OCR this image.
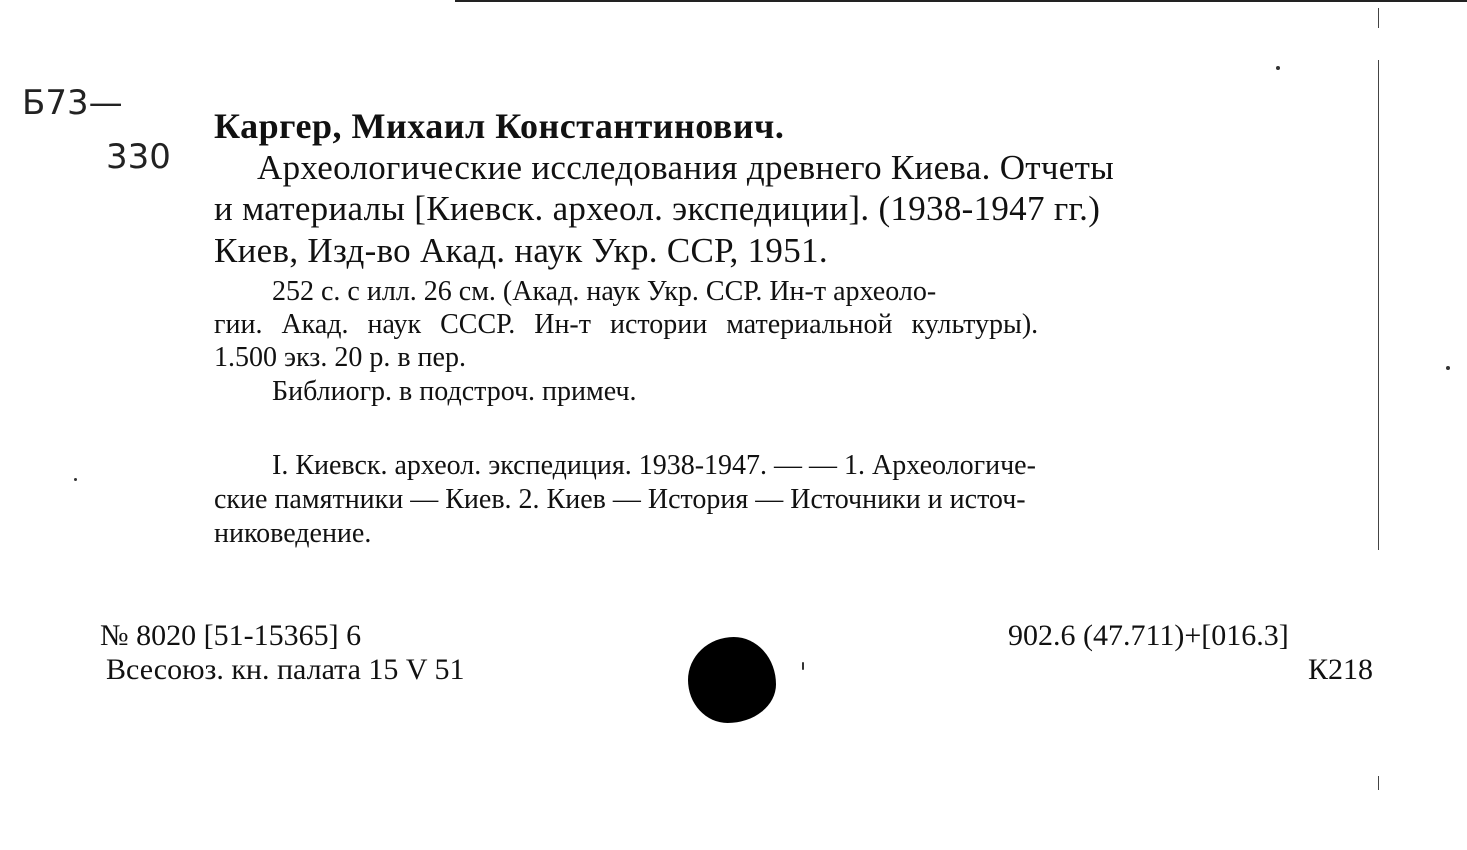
Б73—
330
Каргер, Михаил Константинович.
Археологические исследования древнего Киева. Отчеты
и материалы [Киевск. археол. экспедиции]. (1938-1947 гг.)
Киев, Изд-во Акад. наук Укр. ССР, 1951.
252 с. с илл. 26 см. (Акад. наук Укр. ССР. Ин-т археоло-
гии. Акад. наук СССР. Ин-т истории материальной культуры).
1.500 экз. 20 р. в пер.
Библиогр. в подстроч. примеч.
I. Киевск. археол. экспедиция. 1938-1947. — — 1. Археологиче-
ские памятники — Киев. 2. Киев — История — Источники и источ-
никоведение.
№ 8020 [51-15365] 6
Всесоюз. кн. палата 15 V 51
902.6 (47.711)+[016.3]
К218
